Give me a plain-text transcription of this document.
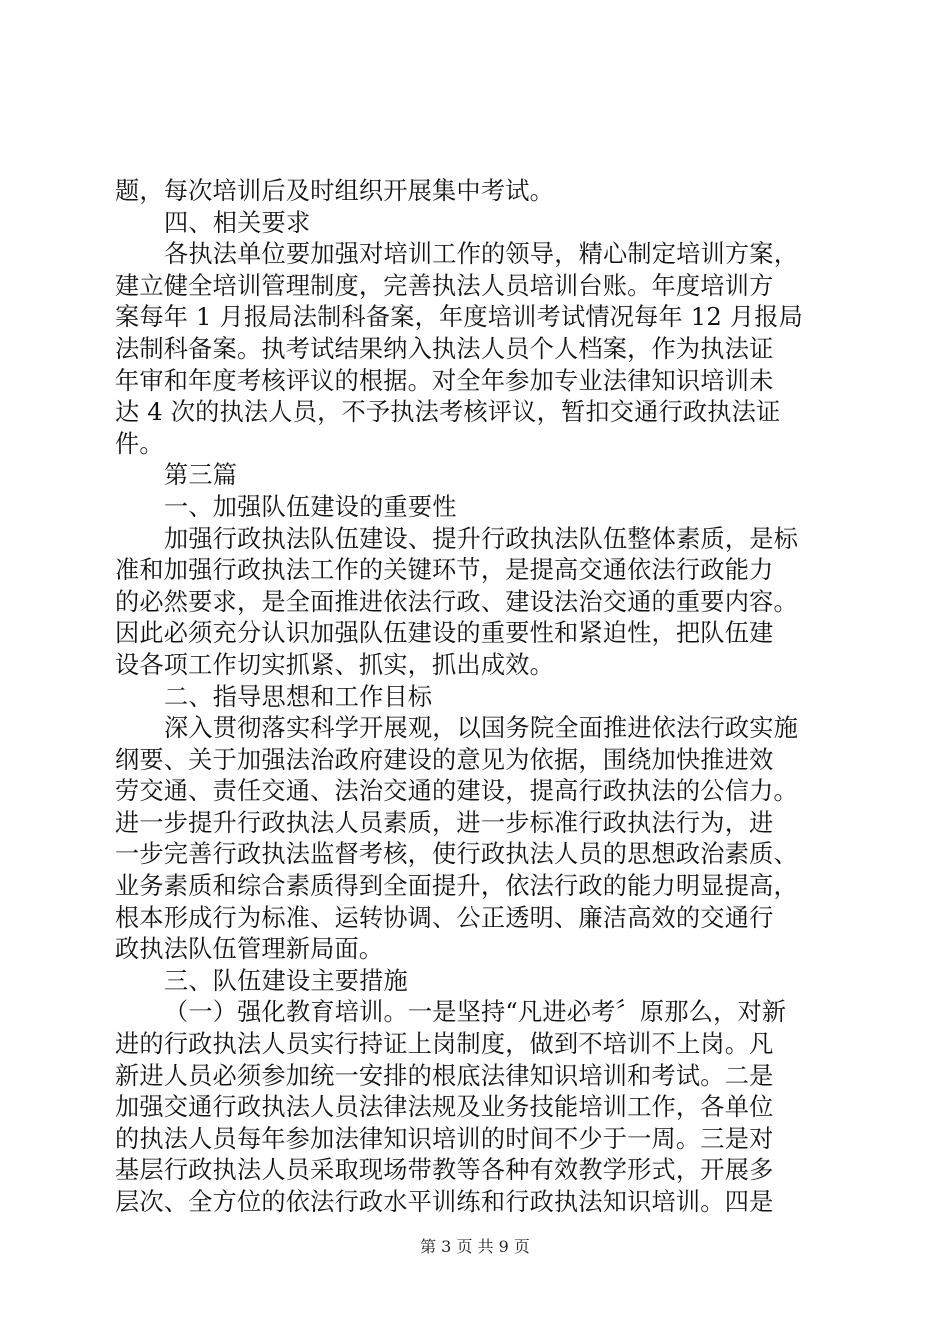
题，每次培训后及时组织开展集中考试。
四、相关要求
各执法单位要加强对培训工作的领导，精心制定培训方案，
建立健全培训管理制度，完善执法人员培训台账。年度培训方
案每年 1 月报局法制科备案，年度培训考试情况每年 12 月报局
法制科备案。执考试结果纳入执法人员个人档案，作为执法证
年审和年度考核评议的根据。对全年参加专业法律知识培训未
达 4 次的执法人员，不予执法考核评议，暂扣交通行政执法证
件。
第三篇
一、加强队伍建设的重要性
加强行政执法队伍建设、提升行政执法队伍整体素质，是标
准和加强行政执法工作的关键环节，是提高交通依法行政能力
的必然要求，是全面推进依法行政、建设法治交通的重要内容。
因此必须充分认识加强队伍建设的重要性和紧迫性，把队伍建
设各项工作切实抓紧、抓实，抓出成效。
二、指导思想和工作目标
深入贯彻落实科学开展观，以国务院全面推进依法行政实施
纲要、关于加强法治政府建设的意见为依据，围绕加快推进效
劳交通、责任交通、法治交通的建设，提高行政执法的公信力。
进一步提升行政执法人员素质，进一步标准行政执法行为，进
一步完善行政执法监督考核，使行政执法人员的思想政治素质、
业务素质和综合素质得到全面提升，依法行政的能力明显提高，
根本形成行为标准、运转协调、公正透明、廉洁高效的交通行
政执法队伍管理新局面。
三、队伍建设主要措施
（一）强化教育培训。一是坚持“凡进必考〞原那么，对新
进的行政执法人员实行持证上岗制度，做到不培训不上岗。凡
新进人员必须参加统一安排的根底法律知识培训和考试。二是
加强交通行政执法人员法律法规及业务技能培训工作，各单位
的执法人员每年参加法律知识培训的时间不少于一周。三是对
基层行政执法人员采取现场带教等各种有效教学形式，开展多
层次、全方位的依法行政水平训练和行政执法知识培训。四是
第 3 页 共 9 页
